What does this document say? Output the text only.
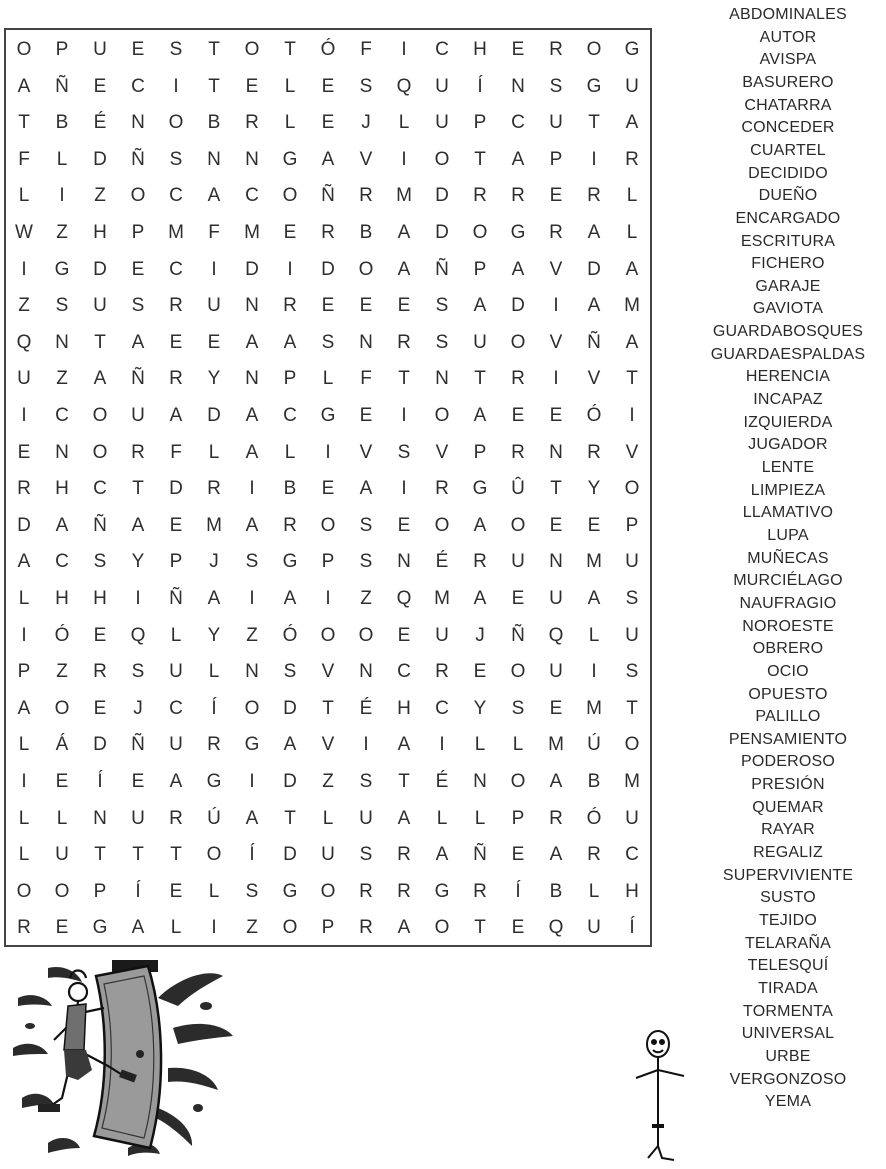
O	P	U	E	S	T	O	T	Ó	F	I	C	H	E	R	O	G
A	Ñ	E	C	I	T	E	L	E	S	Q	U	Í	N	S	G	U
T	B	É	N	O	B	R	L	E	J	L	U	P	C	U	T	A
F	L	D	Ñ	S	N	N	G	A	V	I	O	T	A	P	I	R
L	I	Z	O	C	A	C	O	Ñ	R	M	D	R	R	E	R	L
W	Z	H	P	M	F	M	E	R	B	A	D	O	G	R	A	L
I	G	D	E	C	I	D	I	D	O	A	Ñ	P	A	V	D	A
Z	S	U	S	R	U	N	R	E	E	E	S	A	D	I	A	M
Q	N	T	A	E	E	A	A	S	N	R	S	U	O	V	Ñ	A
U	Z	A	Ñ	R	Y	N	P	L	F	T	N	T	R	I	V	T
I	C	O	U	A	D	A	C	G	E	I	O	A	E	E	Ó	I
E	N	O	R	F	L	A	L	I	V	S	V	P	R	N	R	V
R	H	C	T	D	R	I	B	E	A	I	R	G	Û	T	Y	O
D	A	Ñ	A	E	M	A	R	O	S	E	O	A	O	E	E	P
A	C	S	Y	P	J	S	G	P	S	N	É	R	U	N	M	U
L	H	H	I	Ñ	A	I	A	I	Z	Q	M	A	E	U	A	S
I	Ó	E	Q	L	Y	Z	Ó	O	O	E	U	J	Ñ	Q	L	U
P	Z	R	S	U	L	N	S	V	N	C	R	E	O	U	I	S
A	O	E	J	C	Í	O	D	T	É	H	C	Y	S	E	M	T
L	Á	D	Ñ	U	R	G	A	V	I	A	I	L	L	M	Ú	O
I	E	Í	E	A	G	I	D	Z	S	T	É	N	O	A	B	M
L	L	N	U	R	Ú	A	T	L	U	A	L	L	P	R	Ó	U
L	U	T	T	T	O	Í	D	U	S	R	A	Ñ	E	A	R	C
O	O	P	Í	E	L	S	G	O	R	R	G	R	Í	B	L	H
R	E	G	A	L	I	Z	O	P	R	A	O	T	E	Q	U	Í
ABDOMINALES
AUTOR
AVISPA
BASURERO
CHATARRA
CONCEDER
CUARTEL
DECIDIDO
DUEÑO
ENCARGADO
ESCRITURA
FICHERO
GARAJE
GAVIOTA
GUARDABOSQUES
GUARDAESPALDAS
HERENCIA
INCAPAZ
IZQUIERDA
JUGADOR
LENTE
LIMPIEZA
LLAMATIVO
LUPA
MUÑECAS
MURCIÉLAGO
NAUFRAGIO
NOROESTE
OBRERO
OCIO
OPUESTO
PALILLO
PENSAMIENTO
PODEROSO
PRESIÓN
QUEMAR
RAYAR
REGALIZ
SUPERVIVIENTE
SUSTO
TEJIDO
TELARAÑA
TELESQUÍ
TIRADA
TORMENTA
UNIVERSAL
URBE
VERGONZOSO
YEMA
